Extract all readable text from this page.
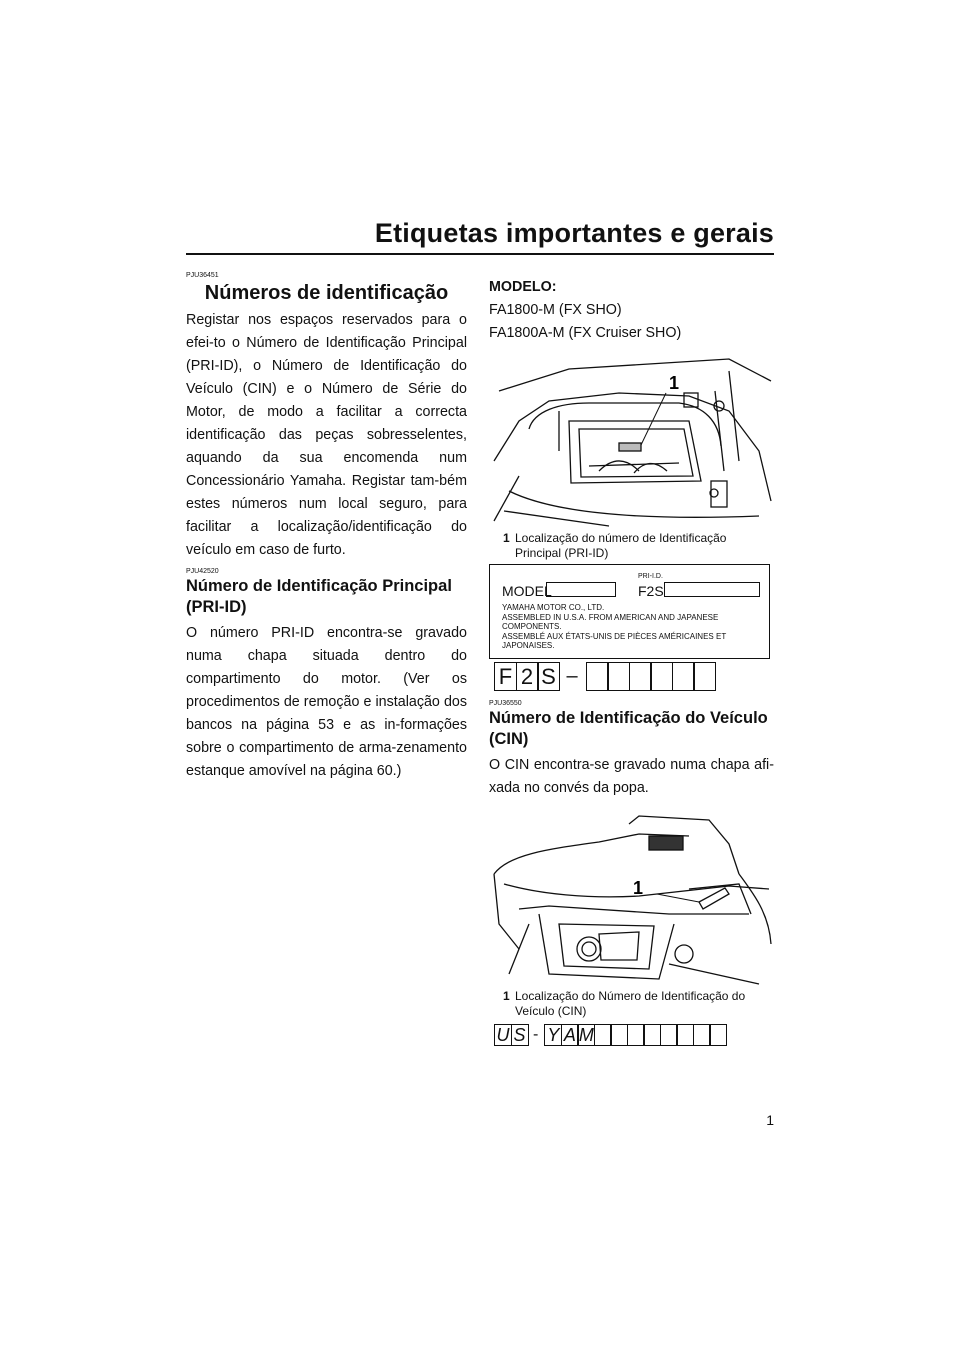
Etiquetas importantes e gerais
PJU36451
Números de identificação

Registar nos espaços reservados para o efei-to o Número de Identificação Principal (PRI-ID), o Número de Identificação do Veículo (CIN) e o Número de Série do Motor, de modo a facilitar a correcta identificação das peças sobresselentes, aquando da sua encomenda num Concessionário Yamaha. Registar tam-bém estes números num local seguro, para facilitar a localização/identificação do veículo em caso de furto.

PJU42520
Número de Identificação Principal (PRI-ID)

O número PRI-ID encontra-se gravado numa chapa situada dentro do compartimento do motor. (Ver os procedimentos de remoção e instalação dos bancos na página 53 e as in-formações sobre o compartimento de arma-zenamento estanque amovível na página 60.)

MODELO:
FA1800-M (FX SHO)
FA1800A-M (FX Cruiser SHO)
1
1 Localização do número de Identificação Principal (PRI-ID)
MODEL
PRI-I.D.
F2S
YAMAHA MOTOR CO., LTD.
ASSEMBLED IN U.S.A. FROM AMERICAN AND JAPANESE COMPONENTS.
ASSEMBLÉ AUX ÉTATS-UNIS DE PIÈCES AMÉRICAINES ET JAPONAISES.
F 2 S –
PJU36550
Número de Identificação do Veículo (CIN)

O CIN encontra-se gravado numa chapa afi-xada no convés da popa.

1
1 Localização do Número de Identificação do Veículo (CIN)
U S - Y A M
1
